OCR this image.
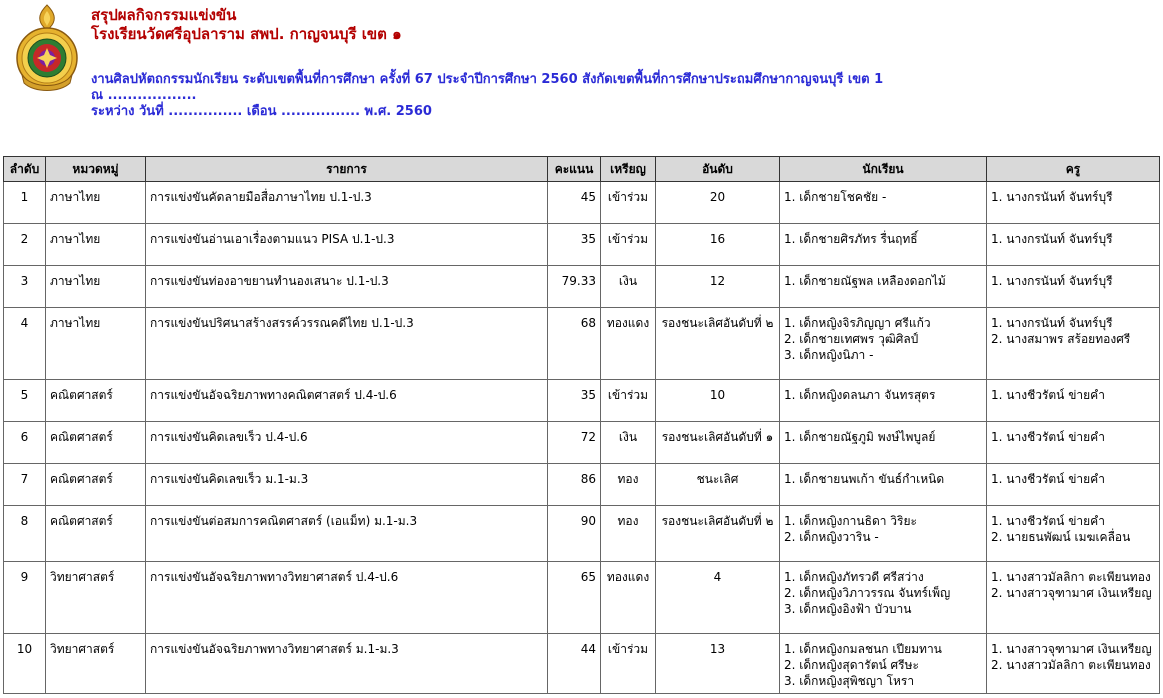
สรุปผลกิจกรรมแข่งขัน
โรงเรียนวัดศรีอุปลาราม สพป. กาญจนบุรี เขต ๑
งานศิลปหัตถกรรมนักเรียน ระดับเขตพื้นที่การศึกษา ครั้งที่ 67 ประจำปีการศึกษา 2560 สังกัดเขตพื้นที่การศึกษาประถมศึกษากาญจนบุรี เขต 1
ณ ..................
ระหว่าง วันที่ ............... เดือน ................ พ.ศ. 2560
ลำดับ	หมวดหมู่	รายการ	คะแนน	เหรียญ	อันดับ	นักเรียน	ครู
1	ภาษาไทย	การแข่งขันคัดลายมือสื่อภาษาไทย ป.1-ป.3	45	เข้าร่วม	20	1. เด็กชายโชคชัย -	1. นางกรนันท์ จันทร์บุรี

2	ภาษาไทย	การแข่งขันอ่านเอาเรื่องตามแนว PISA ป.1-ป.3	35	เข้าร่วม	16	1. เด็กชายศิรภัทร รื่นฤทธิ์	1. นางกรนันท์ จันทร์บุรี

3	ภาษาไทย	การแข่งขันท่องอาขยานทำนองเสนาะ ป.1-ป.3	79.33	เงิน	12	1. เด็กชายณัฐพล เหลืองดอกไม้	1. นางกรนันท์ จันทร์บุรี

4	ภาษาไทย	การแข่งขันปริศนาสร้างสรรค์วรรณคดีไทย ป.1-ป.3	68	ทองแดง	รองชนะเลิศอันดับที่ ๒	1. เด็กหญิงจิรภิญญา ศรีแก้ว
2. เด็กชายเทศพร วุฒิศิลป์
3. เด็กหญิงนิภา -	1. นางกรนันท์ จันทร์บุรี
2. นางสมาพร สร้อยทองศรี

5	คณิตศาสตร์	การแข่งขันอัจฉริยภาพทางคณิตศาสตร์ ป.4-ป.6	35	เข้าร่วม	10	1. เด็กหญิงดลนภา จันทรสุตร	1. นางชีวรัตน์ ข่ายคำ

6	คณิตศาสตร์	การแข่งขันคิดเลขเร็ว ป.4-ป.6	72	เงิน	รองชนะเลิศอันดับที่ ๑	1. เด็กชายณัฐภูมิ พงษ์ไพบูลย์	1. นางชีวรัตน์ ข่ายคำ

7	คณิตศาสตร์	การแข่งขันคิดเลขเร็ว ม.1-ม.3	86	ทอง	ชนะเลิศ	1. เด็กชายนพเก้า ขันธ์กำเหนิด	1. นางชีวรัตน์ ข่ายคำ

8	คณิตศาสตร์	การแข่งขันต่อสมการคณิตศาสตร์ (เอแม็ท) ม.1-ม.3	90	ทอง	รองชนะเลิศอันดับที่ ๒	1. เด็กหญิงกานธิดา วิริยะ
2. เด็กหญิงวาริน -	1. นางชีวรัตน์ ข่ายคำ
2. นายธนพัฒน์ เมฆเคลื่อน

9	วิทยาศาสตร์	การแข่งขันอัจฉริยภาพทางวิทยาศาสตร์ ป.4-ป.6	65	ทองแดง	4	1. เด็กหญิงภัทรวดี ศรีสว่าง
2. เด็กหญิงวิภาวรรณ จันทร์เพ็ญ
3. เด็กหญิงอิงฟ้า บัวบาน	1. นางสาวมัลลิกา ตะเพียนทอง
2. นางสาวจุฑามาศ เงินเหรียญ

10	วิทยาศาสตร์	การแข่งขันอัจฉริยภาพทางวิทยาศาสตร์ ม.1-ม.3	44	เข้าร่วม	13	1. เด็กหญิงกมลชนก เปียมทาน
2. เด็กหญิงสุดารัตน์ ศรีษะ
3. เด็กหญิงสุพิชญา โหรา	1. นางสาวจุฑามาศ เงินเหรียญ
2. นางสาวมัลลิกา ตะเพียนทอง
